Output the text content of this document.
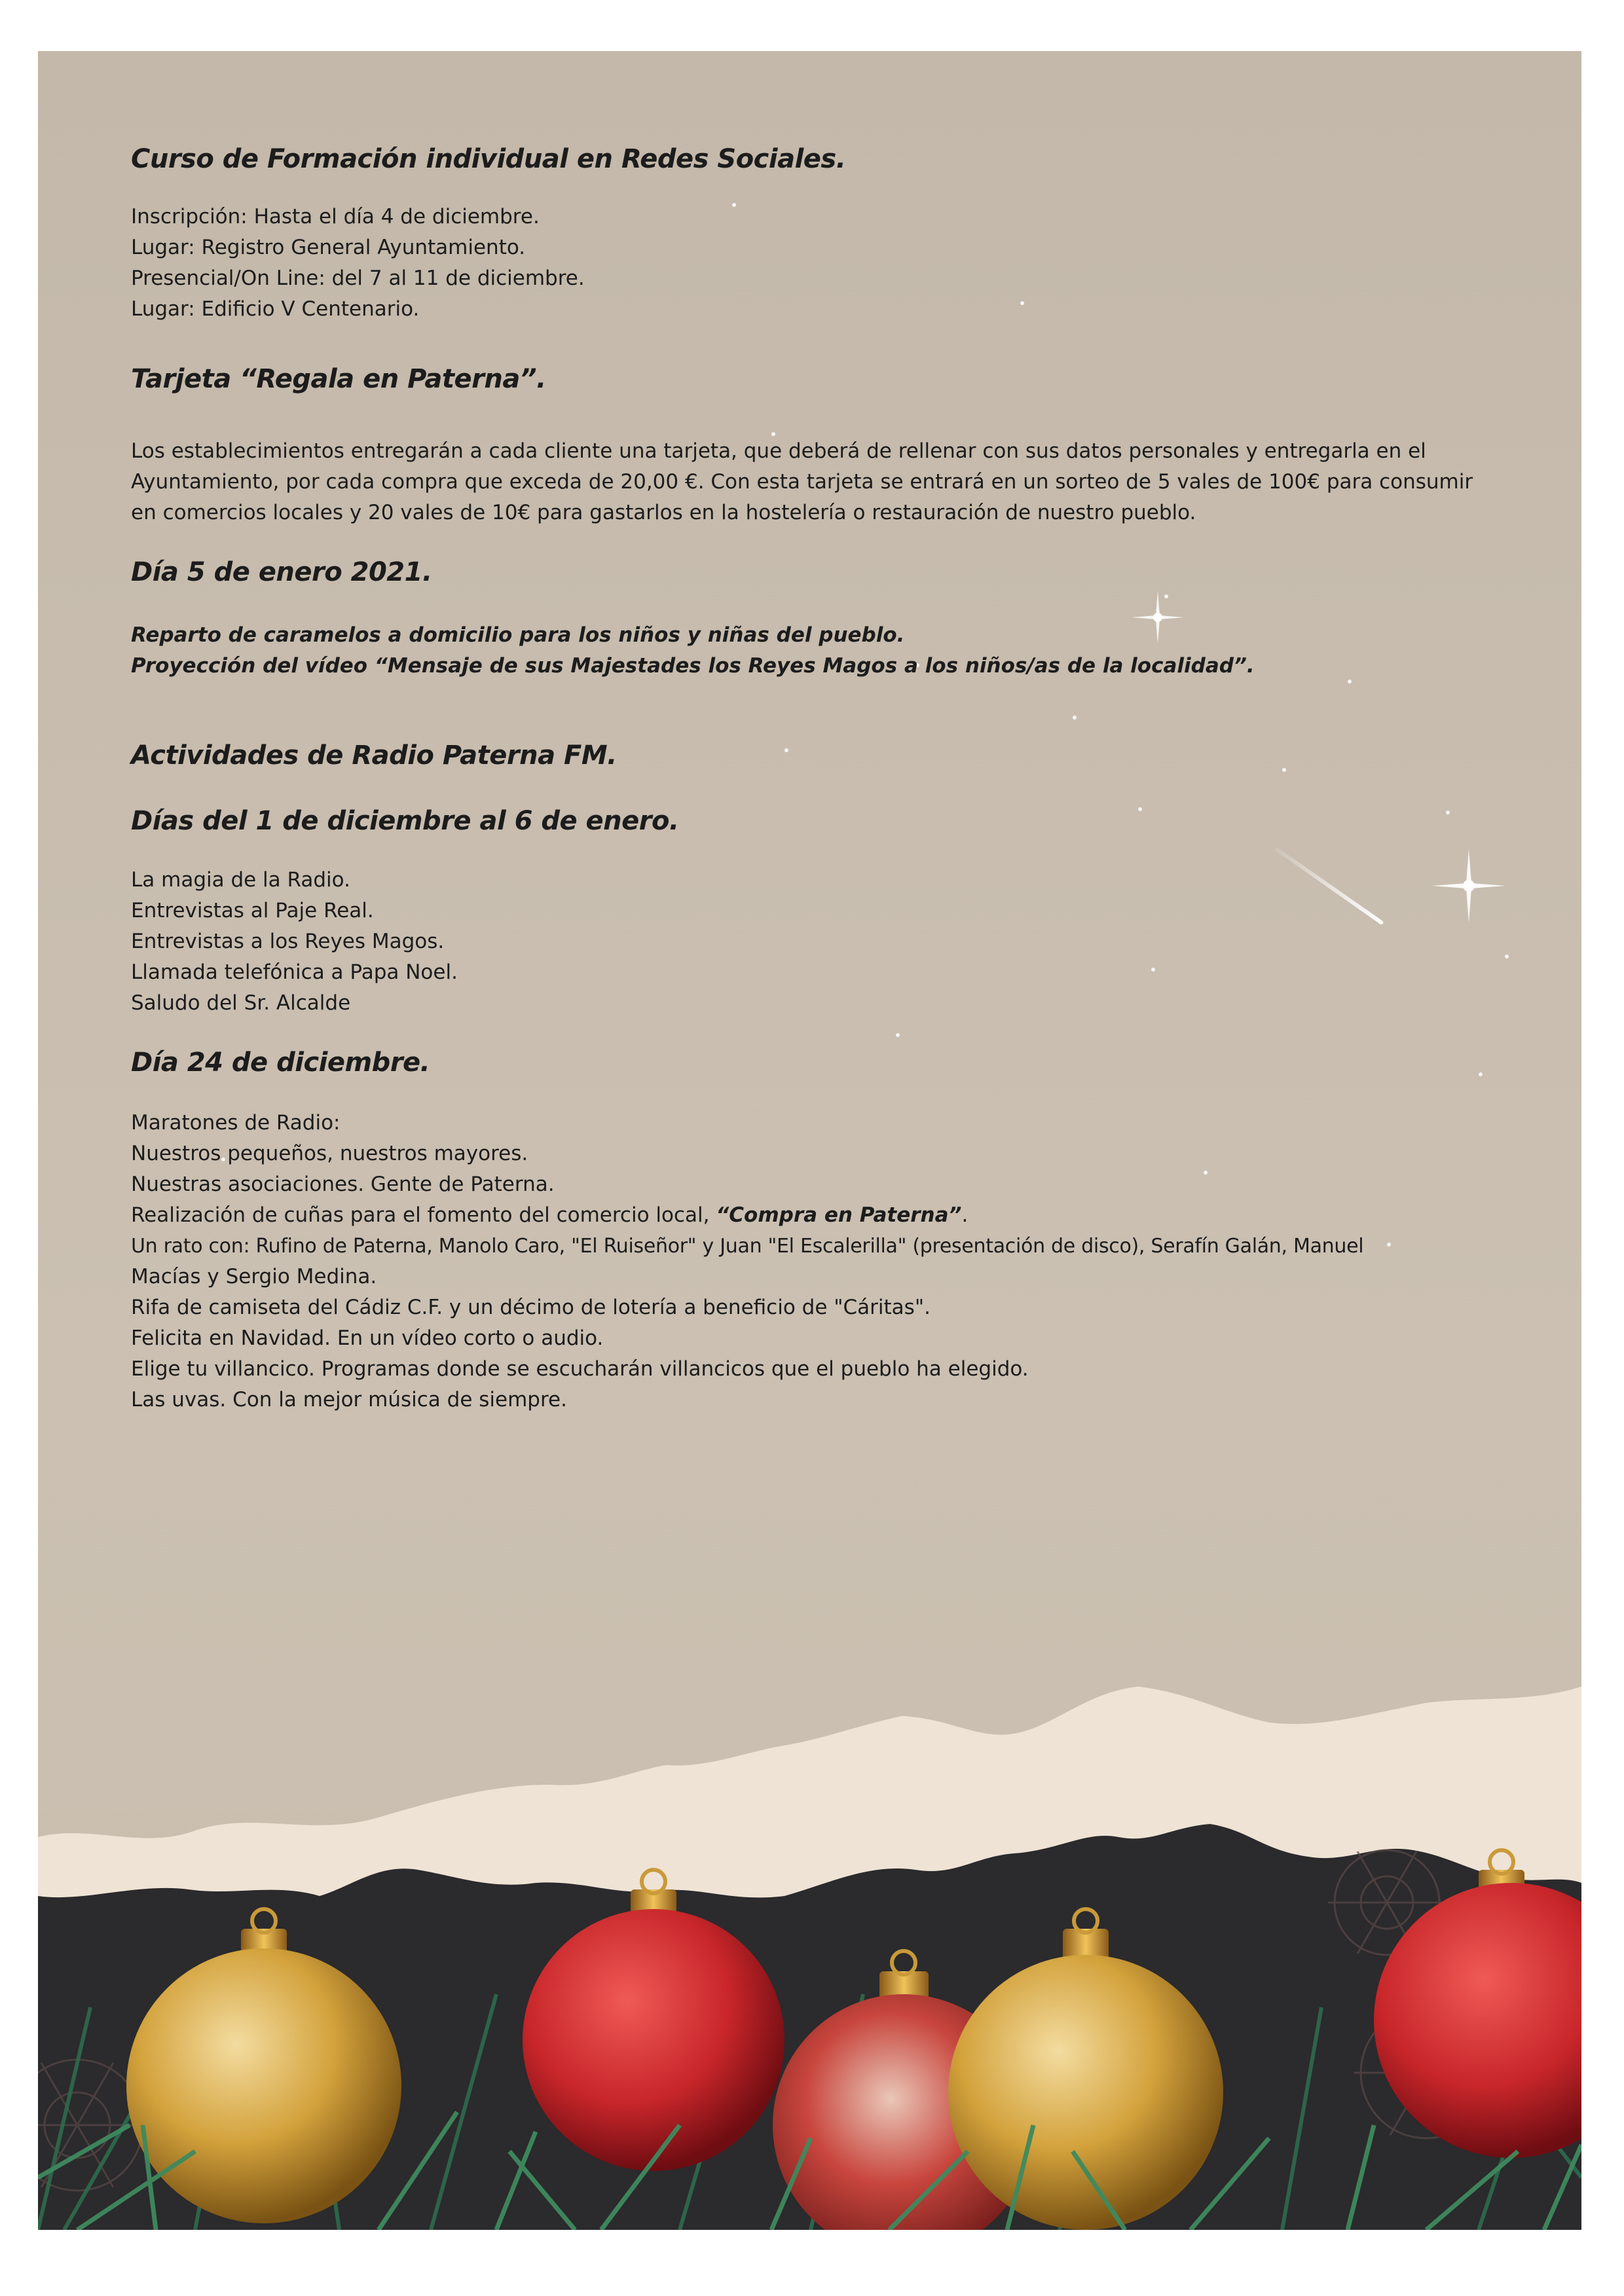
Curso de Formación individual en Redes Sociales.

Inscripción: Hasta el día 4 de diciembre.

Lugar: Registro General Ayuntamiento.

Presencial/On Line: del 7 al 11 de diciembre.

Lugar: Edificio V Centenario.

Tarjeta “Regala en Paterna”.

Los establecimientos entregarán a cada cliente una tarjeta, que deberá de rellenar con sus datos personales y entregarla en el Ayuntamiento, por cada compra que exceda de 20,00 €. Con esta tarjeta se entrará en un sorteo de 5 vales de 100€ para consumir en comercios locales y 20 vales de 10€ para gastarlos en la hostelería o restauración de nuestro pueblo.

Día 5 de enero 2021.

Reparto de caramelos a domicilio para los niños y niñas del pueblo.

Proyección del vídeo “Mensaje de sus Majestades los Reyes Magos a los niños/as de la localidad”.

Actividades de Radio Paterna FM.
Días del 1 de diciembre al 6 de enero.

La magia de la Radio.

Entrevistas al Paje Real.

Entrevistas a los Reyes Magos.

Llamada telefónica a Papa Noel.

Saludo del Sr. Alcalde

Día 24 de diciembre.

Maratones de Radio:

Nuestros pequeños, nuestros mayores.

Nuestras asociaciones. Gente de Paterna.

Realización de cuñas para el fomento del comercio local, “Compra en Paterna”.

Un rato con: Rufino de Paterna, Manolo Caro, "El Ruiseñor" y Juan "El Escalerilla" (presentación de disco), Serafín Galán, Manuel

Macías y Sergio Medina.

Rifa de camiseta del Cádiz C.F. y un décimo de lotería a beneficio de "Cáritas".

Felicita en Navidad. En un vídeo corto o audio.

Elige tu villancico. Programas donde se escucharán villancicos que el pueblo ha elegido.

Las uvas. Con la mejor música de siempre.
